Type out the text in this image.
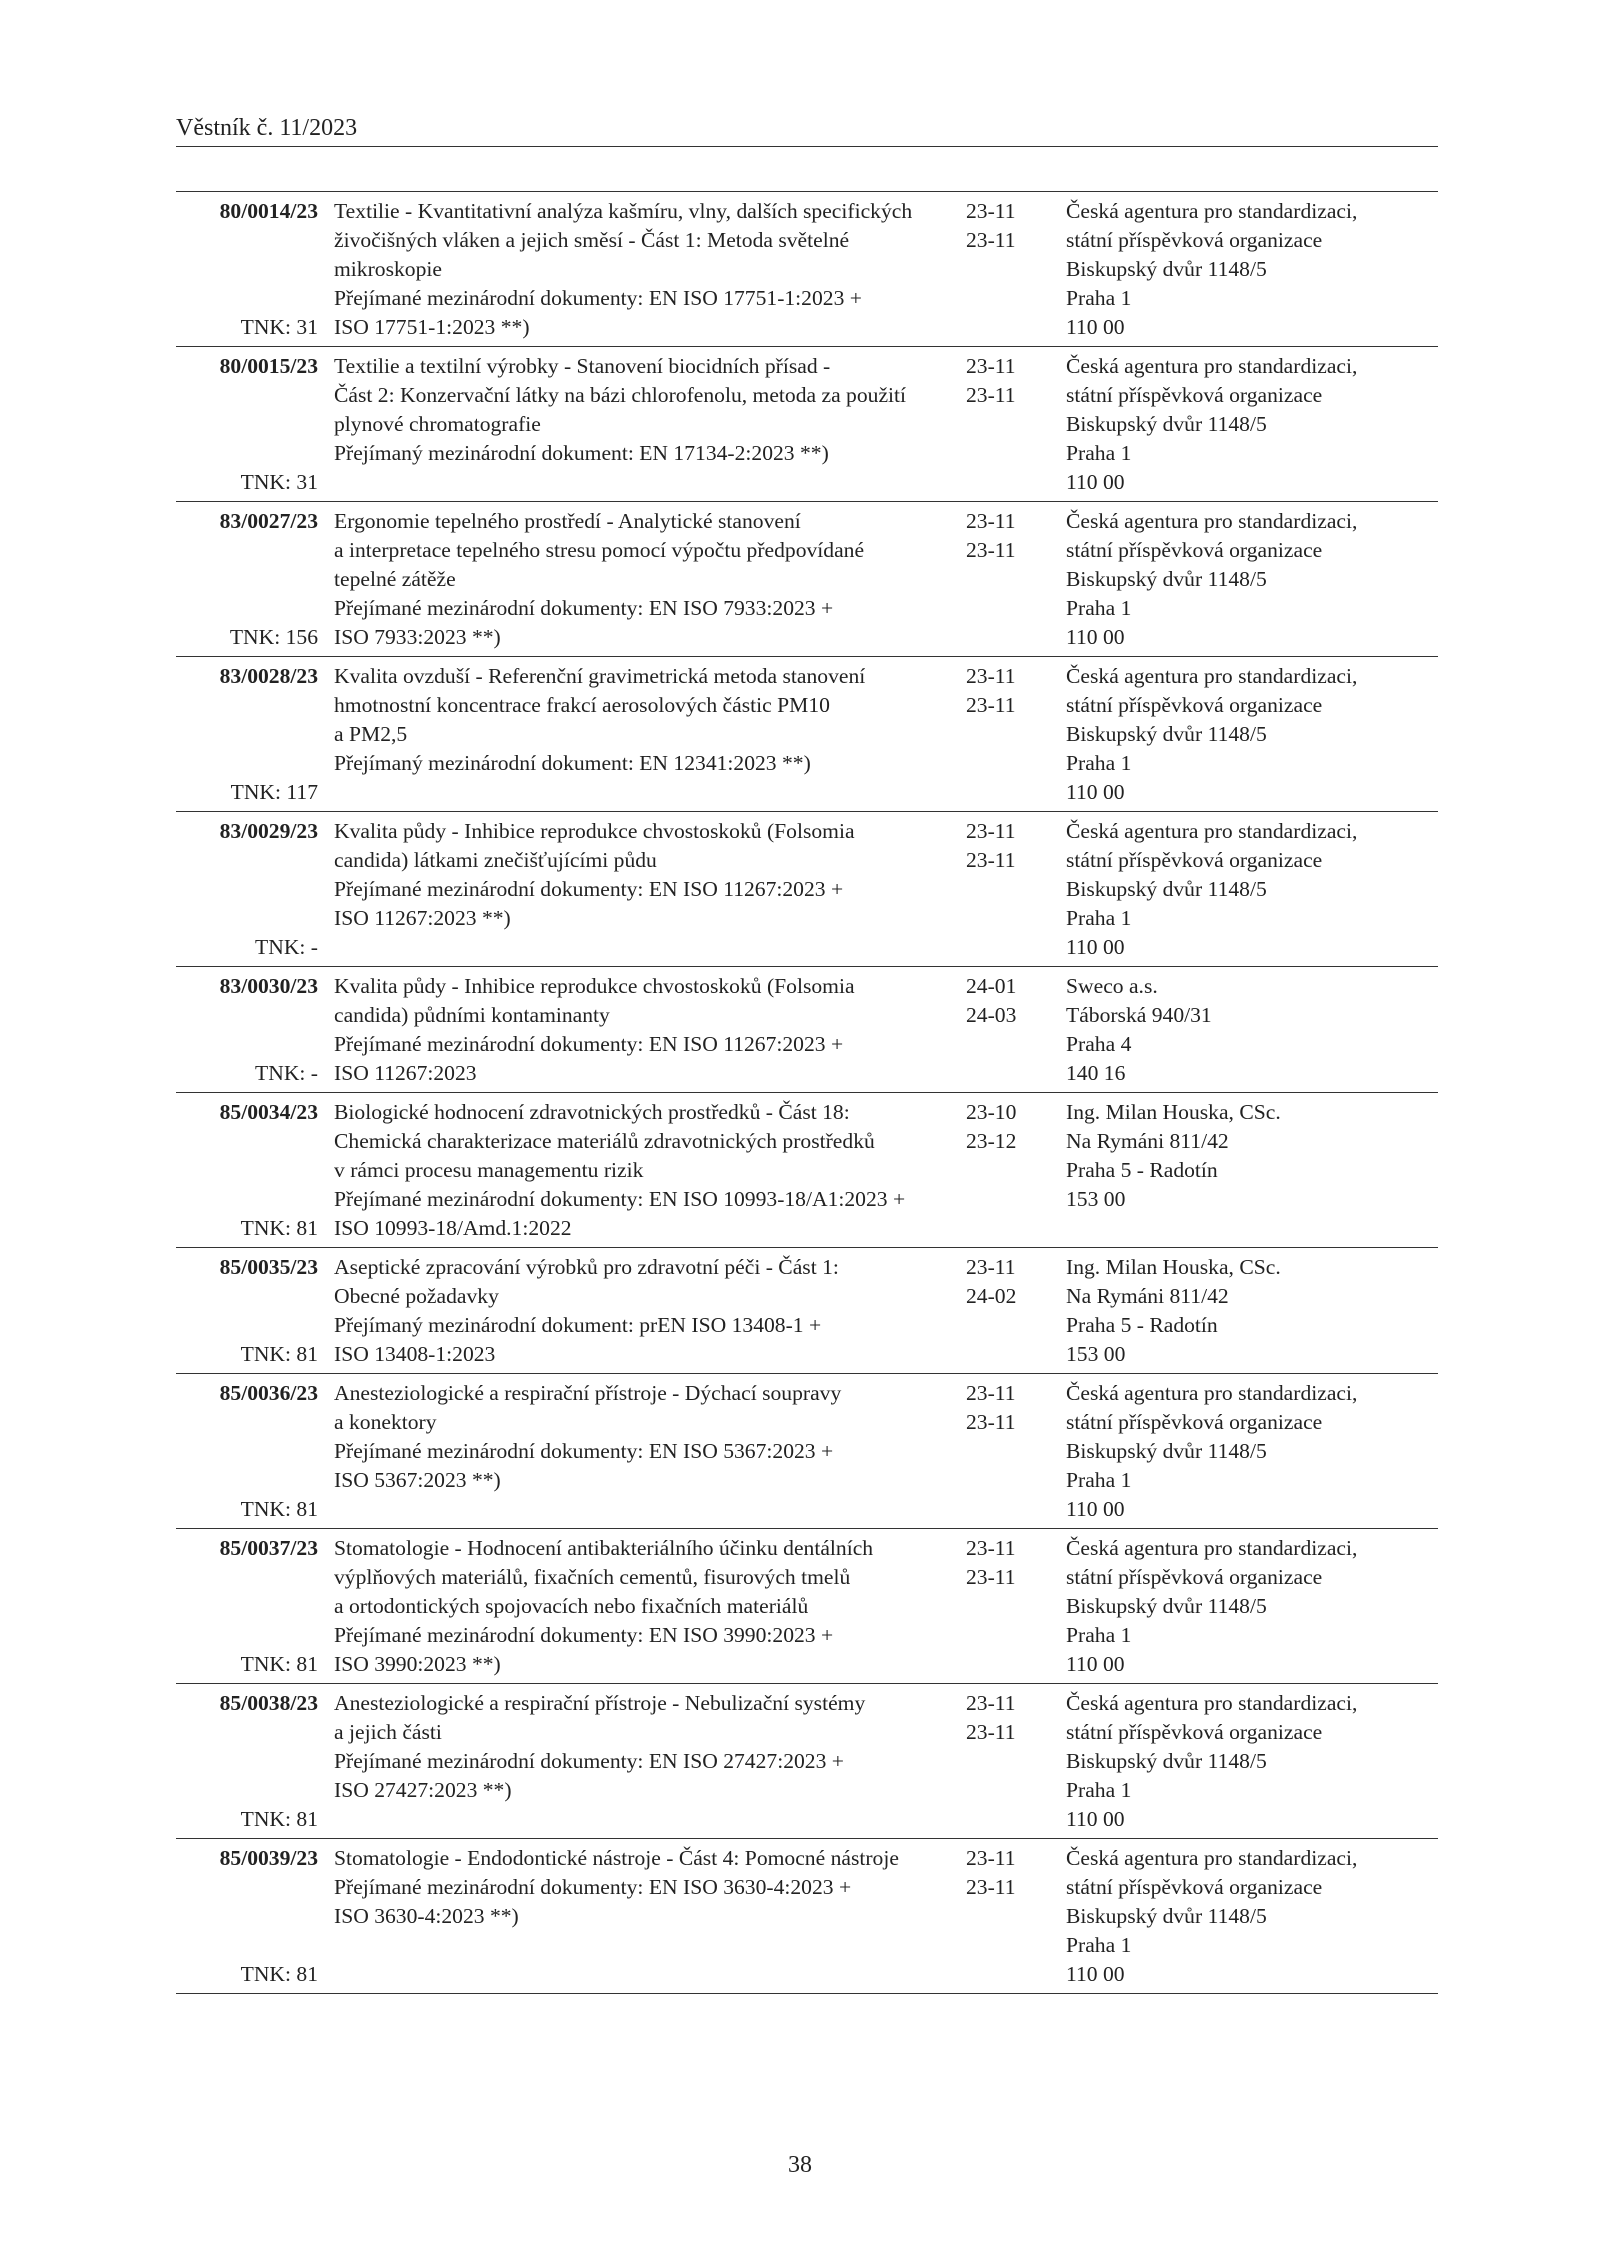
Věstník č. 11/2023
80/0014/23
TNK: 31
Textilie - Kvantitativní analýza kašmíru, vlny, dalších specifických
živočišných vláken a jejich směsí - Část 1: Metoda světelné
mikroskopie
Přejímané mezinárodní dokumenty: EN ISO 17751-1:2023 +
ISO 17751-1:2023 **)
23-11
23-11
Česká agentura pro standardizaci,
státní příspěvková organizace
Biskupský dvůr 1148/5
Praha 1
110 00
80/0015/23
TNK: 31
Textilie a textilní výrobky - Stanovení biocidních přísad -
Část 2: Konzervační látky na bázi chlorofenolu, metoda za použití
plynové chromatografie
Přejímaný mezinárodní dokument: EN 17134-2:2023 **)
23-11
23-11
Česká agentura pro standardizaci,
státní příspěvková organizace
Biskupský dvůr 1148/5
Praha 1
110 00
83/0027/23
TNK: 156
Ergonomie tepelného prostředí - Analytické stanovení
a interpretace tepelného stresu pomocí výpočtu předpovídané
tepelné zátěže
Přejímané mezinárodní dokumenty: EN ISO 7933:2023 +
ISO 7933:2023 **)
23-11
23-11
Česká agentura pro standardizaci,
státní příspěvková organizace
Biskupský dvůr 1148/5
Praha 1
110 00
83/0028/23
TNK: 117
Kvalita ovzduší - Referenční gravimetrická metoda stanovení
hmotnostní koncentrace frakcí aerosolových částic PM10
a PM2,5
Přejímaný mezinárodní dokument: EN 12341:2023 **)
23-11
23-11
Česká agentura pro standardizaci,
státní příspěvková organizace
Biskupský dvůr 1148/5
Praha 1
110 00
83/0029/23
TNK: -
Kvalita půdy - Inhibice reprodukce chvostoskoků (Folsomia
candida) látkami znečišťujícími půdu
Přejímané mezinárodní dokumenty: EN ISO 11267:2023 +
ISO 11267:2023 **)
23-11
23-11
Česká agentura pro standardizaci,
státní příspěvková organizace
Biskupský dvůr 1148/5
Praha 1
110 00
83/0030/23
TNK: -
Kvalita půdy - Inhibice reprodukce chvostoskoků (Folsomia
candida) půdními kontaminanty
Přejímané mezinárodní dokumenty: EN ISO 11267:2023 +
ISO 11267:2023
24-01
24-03
Sweco a.s.
Táborská 940/31
Praha 4
140 16
85/0034/23
TNK: 81
Biologické hodnocení zdravotnických prostředků - Část 18:
Chemická charakterizace materiálů zdravotnických prostředků
v rámci procesu managementu rizik
Přejímané mezinárodní dokumenty: EN ISO 10993-18/A1:2023 +
ISO 10993-18/Amd.1:2022
23-10
23-12
Ing. Milan Houska, CSc.
Na Rymáni 811/42
Praha 5 - Radotín
153 00
85/0035/23
TNK: 81
Aseptické zpracování výrobků pro zdravotní péči - Část 1:
Obecné požadavky
Přejímaný mezinárodní dokument: prEN ISO 13408-1 +
ISO 13408-1:2023
23-11
24-02
Ing. Milan Houska, CSc.
Na Rymáni 811/42
Praha 5 - Radotín
153 00
85/0036/23
TNK: 81
Anesteziologické a respirační přístroje - Dýchací soupravy
a konektory
Přejímané mezinárodní dokumenty: EN ISO 5367:2023 +
ISO 5367:2023 **)
23-11
23-11
Česká agentura pro standardizaci,
státní příspěvková organizace
Biskupský dvůr 1148/5
Praha 1
110 00
85/0037/23
TNK: 81
Stomatologie - Hodnocení antibakteriálního účinku dentálních
výplňových materiálů, fixačních cementů, fisurových tmelů
a ortodontických spojovacích nebo fixačních materiálů
Přejímané mezinárodní dokumenty: EN ISO 3990:2023 +
ISO 3990:2023 **)
23-11
23-11
Česká agentura pro standardizaci,
státní příspěvková organizace
Biskupský dvůr 1148/5
Praha 1
110 00
85/0038/23
TNK: 81
Anesteziologické a respirační přístroje - Nebulizační systémy
a jejich části
Přejímané mezinárodní dokumenty: EN ISO 27427:2023 +
ISO 27427:2023 **)
23-11
23-11
Česká agentura pro standardizaci,
státní příspěvková organizace
Biskupský dvůr 1148/5
Praha 1
110 00
85/0039/23
TNK: 81
Stomatologie - Endodontické nástroje - Část 4: Pomocné nástroje
Přejímané mezinárodní dokumenty: EN ISO 3630-4:2023 +
ISO 3630-4:2023 **)
23-11
23-11
Česká agentura pro standardizaci,
státní příspěvková organizace
Biskupský dvůr 1148/5
Praha 1
110 00
38
